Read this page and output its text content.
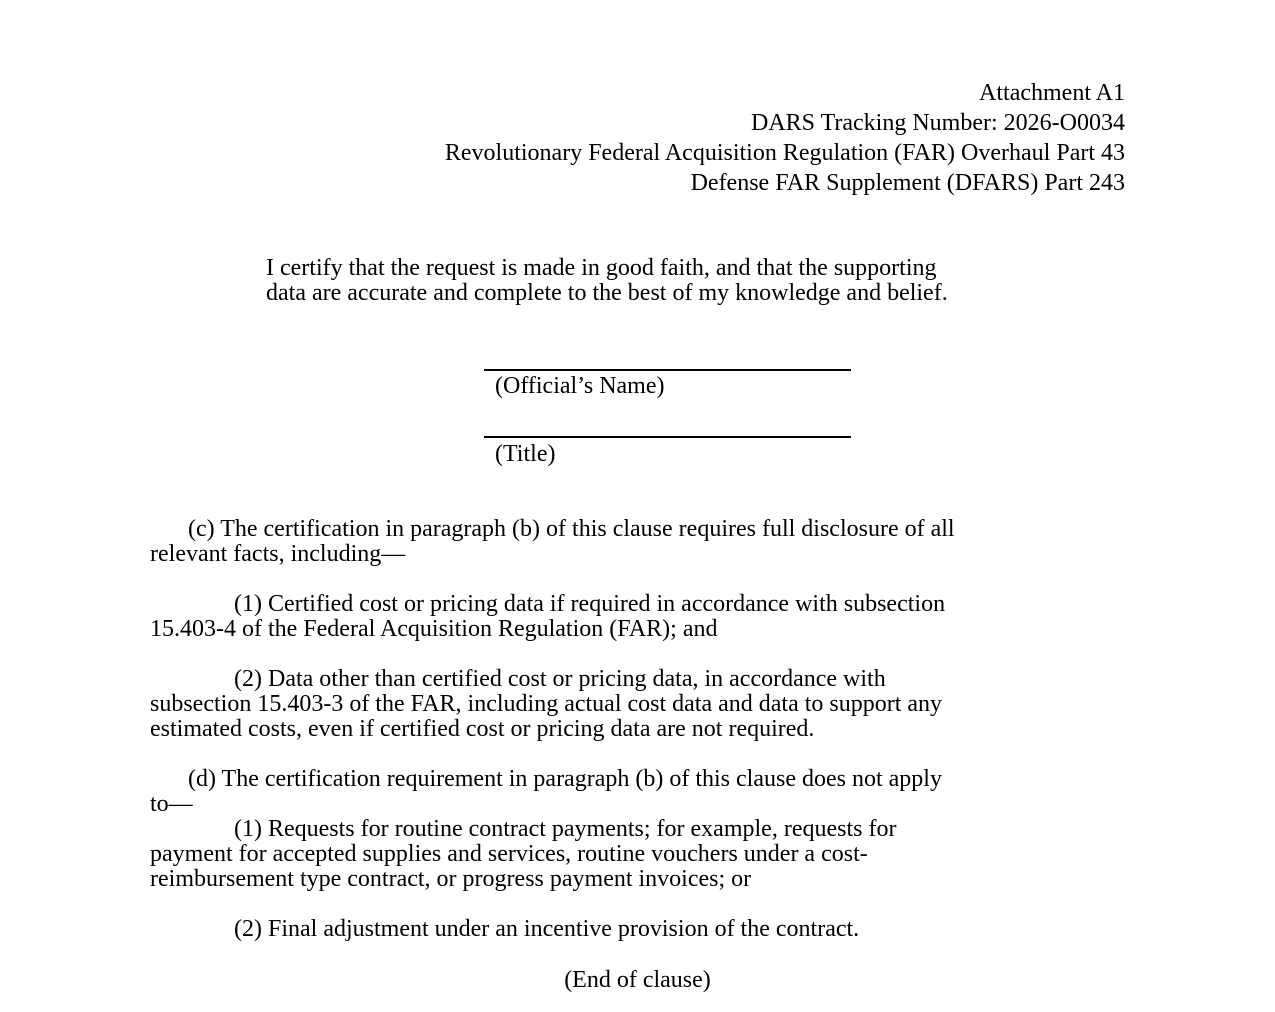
Attachment A1
DARS Tracking Number: 2026-O0034
Revolutionary Federal Acquisition Regulation (FAR) Overhaul Part 43
Defense FAR Supplement (DFARS) Part 243
I certify that the request is made in good faith, and that the supporting
data are accurate and complete to the best of my knowledge and belief.
(Official’s Name)
(Title)
(c) The certification in paragraph (b) of this clause requires full disclosure of all
relevant facts, including—
(1) Certified cost or pricing data if required in accordance with subsection
15.403-4 of the Federal Acquisition Regulation (FAR); and
(2) Data other than certified cost or pricing data, in accordance with
subsection 15.403-3 of the FAR, including actual cost data and data to support any
estimated costs, even if certified cost or pricing data are not required.
(d) The certification requirement in paragraph (b) of this clause does not apply
to—
(1) Requests for routine contract payments; for example, requests for
payment for accepted supplies and services, routine vouchers under a cost-
reimbursement type contract, or progress payment invoices; or
(2) Final adjustment under an incentive provision of the contract.
(End of clause)
